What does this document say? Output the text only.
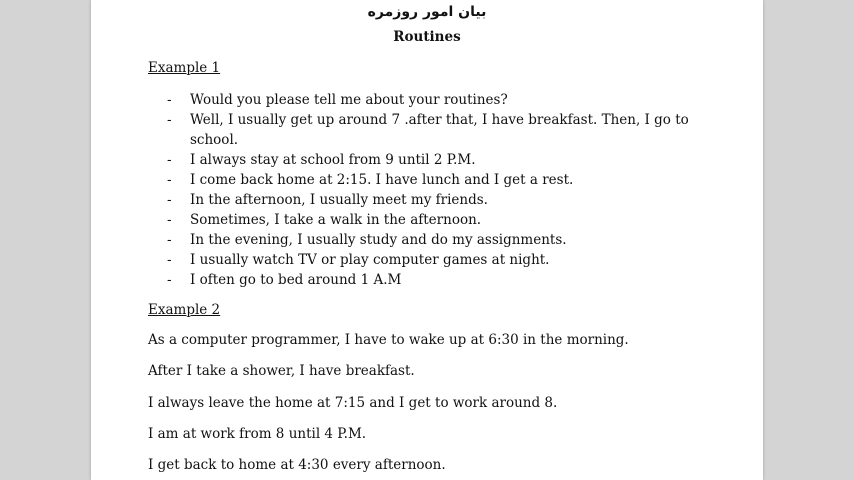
بیان امور روزمره
Routines
Example 1
- Would you please tell me about your routines?
- Well, I usually get up around 7 .after that, I have breakfast. Then, I go to school.
- I always stay at school from 9 until 2 P.M.
- I come back home at 2:15. I have lunch and I get a rest.
- In the afternoon, I usually meet my friends.
- Sometimes, I take a walk in the afternoon.
- In the evening, I usually study and do my assignments.
- I usually watch TV or play computer games at night.
- I often go to bed around 1 A.M
Example 2
As a computer programmer, I have to wake up at 6:30 in the morning.
After I take a shower, I have breakfast.
I always leave the home at 7:15 and I get to work around 8.
I am at work from 8 until 4 P.M.
I get back to home at 4:30 every afternoon.
